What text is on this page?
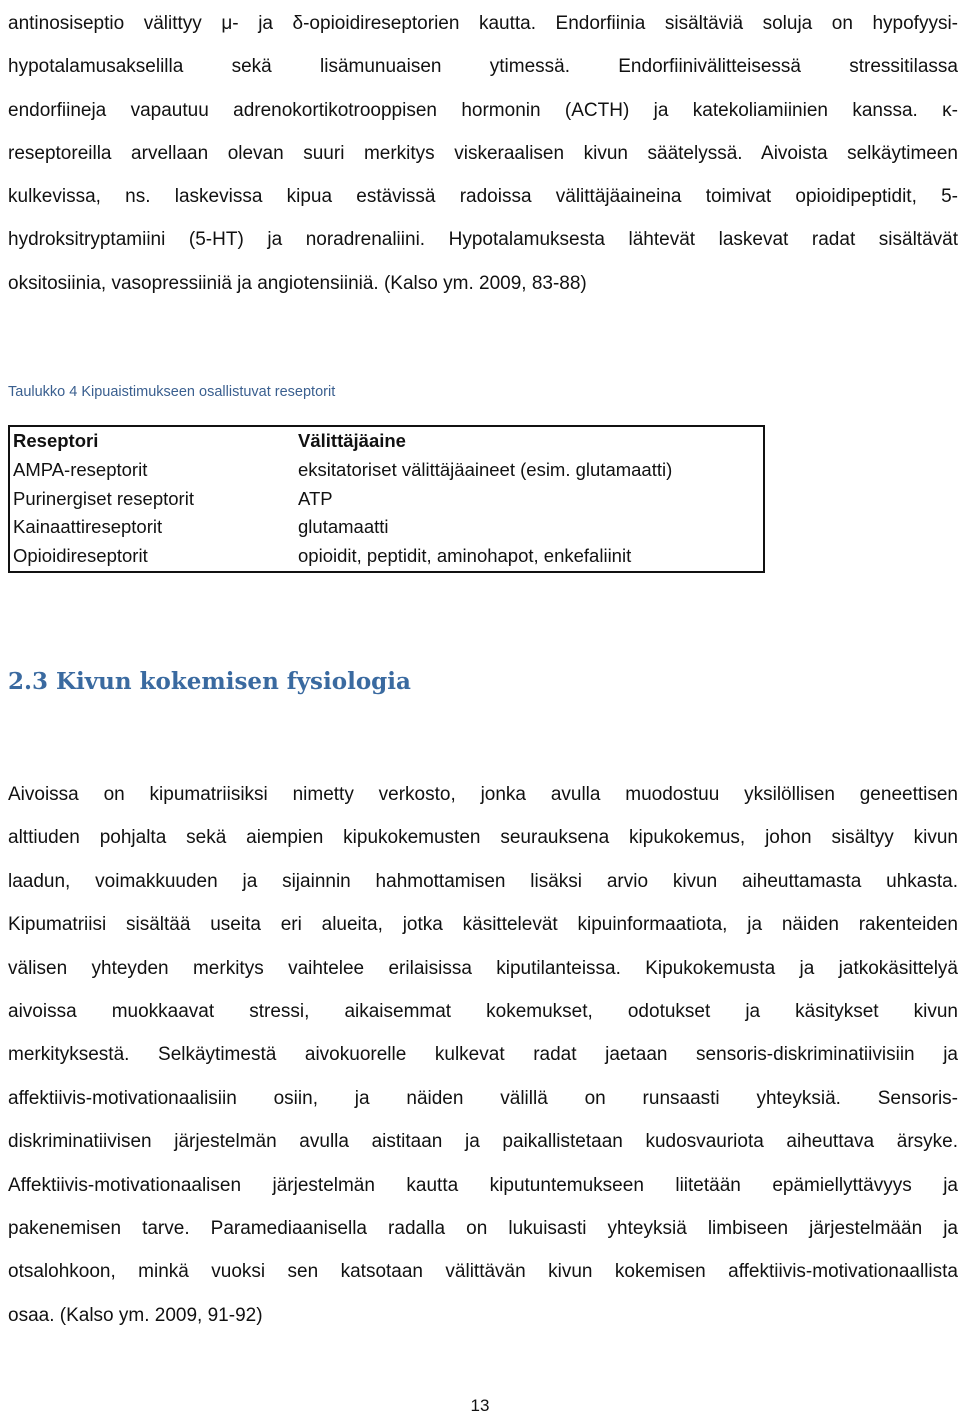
antinosiseptio välittyy μ- ja δ-opioidireseptorien kautta. Endorfiinia sisältäviä soluja on hypofyysi-
hypotalamusakselilla sekä lisämunuaisen ytimessä. Endorfiinivälitteisessä stressitilassa
endorfiineja vapautuu adrenokortikotrooppisen hormonin (ACTH) ja katekoliamiinien kanssa. κ-
reseptoreilla arvellaan olevan suuri merkitys viskeraalisen kivun säätelyssä. Aivoista selkäytimeen
kulkevissa, ns. laskevissa kipua estävissä radoissa välittäjäaineina toimivat opioidipeptidit, 5-
hydroksitryptamiini (5-HT) ja noradrenaliini. Hypotalamuksesta lähtevät laskevat radat sisältävät
oksitosiinia, vasopressiiniä ja angiotensiiniä. (Kalso ym. 2009, 83-88)

Taulukko 4 Kipuaistimukseen osallistuvat reseptorit

Reseptori	Välittäjäaine
AMPA-reseptorit	eksitatoriset välittäjäaineet (esim. glutamaatti)
Purinergiset reseptorit	ATP
Kainaattireseptorit	glutamaatti
Opioidireseptorit	opioidit, peptidit, aminohapot, enkefaliinit
2.3 Kivun kokemisen fysiologia
Aivoissa on kipumatriisiksi nimetty verkosto, jonka avulla muodostuu yksilöllisen geneettisen
alttiuden pohjalta sekä aiempien kipukokemusten seurauksena kipukokemus, johon sisältyy kivun
laadun, voimakkuuden ja sijainnin hahmottamisen lisäksi arvio kivun aiheuttamasta uhkasta.
Kipumatriisi sisältää useita eri alueita, jotka käsittelevät kipuinformaatiota, ja näiden rakenteiden
välisen yhteyden merkitys vaihtelee erilaisissa kiputilanteissa. Kipukokemusta ja jatkokäsittelyä
aivoissa muokkaavat stressi, aikaisemmat kokemukset, odotukset ja käsitykset kivun
merkityksestä. Selkäytimestä aivokuorelle kulkevat radat jaetaan sensoris-diskriminatiivisiin ja
affektiivis-motivationaalisiin osiin, ja näiden välillä on runsaasti yhteyksiä. Sensoris-
diskriminatiivisen järjestelmän avulla aistitaan ja paikallistetaan kudosvauriota aiheuttava ärsyke.
Affektiivis-motivationaalisen järjestelmän kautta kiputuntemukseen liitetään epämiellyttävyys ja
pakenemisen tarve. Paramediaanisella radalla on lukuisasti yhteyksiä limbiseen järjestelmään ja
otsalohkoon, minkä vuoksi sen katsotaan välittävän kivun kokemisen affektiivis-motivationaallista
osaa. (Kalso ym. 2009, 91-92)
13
